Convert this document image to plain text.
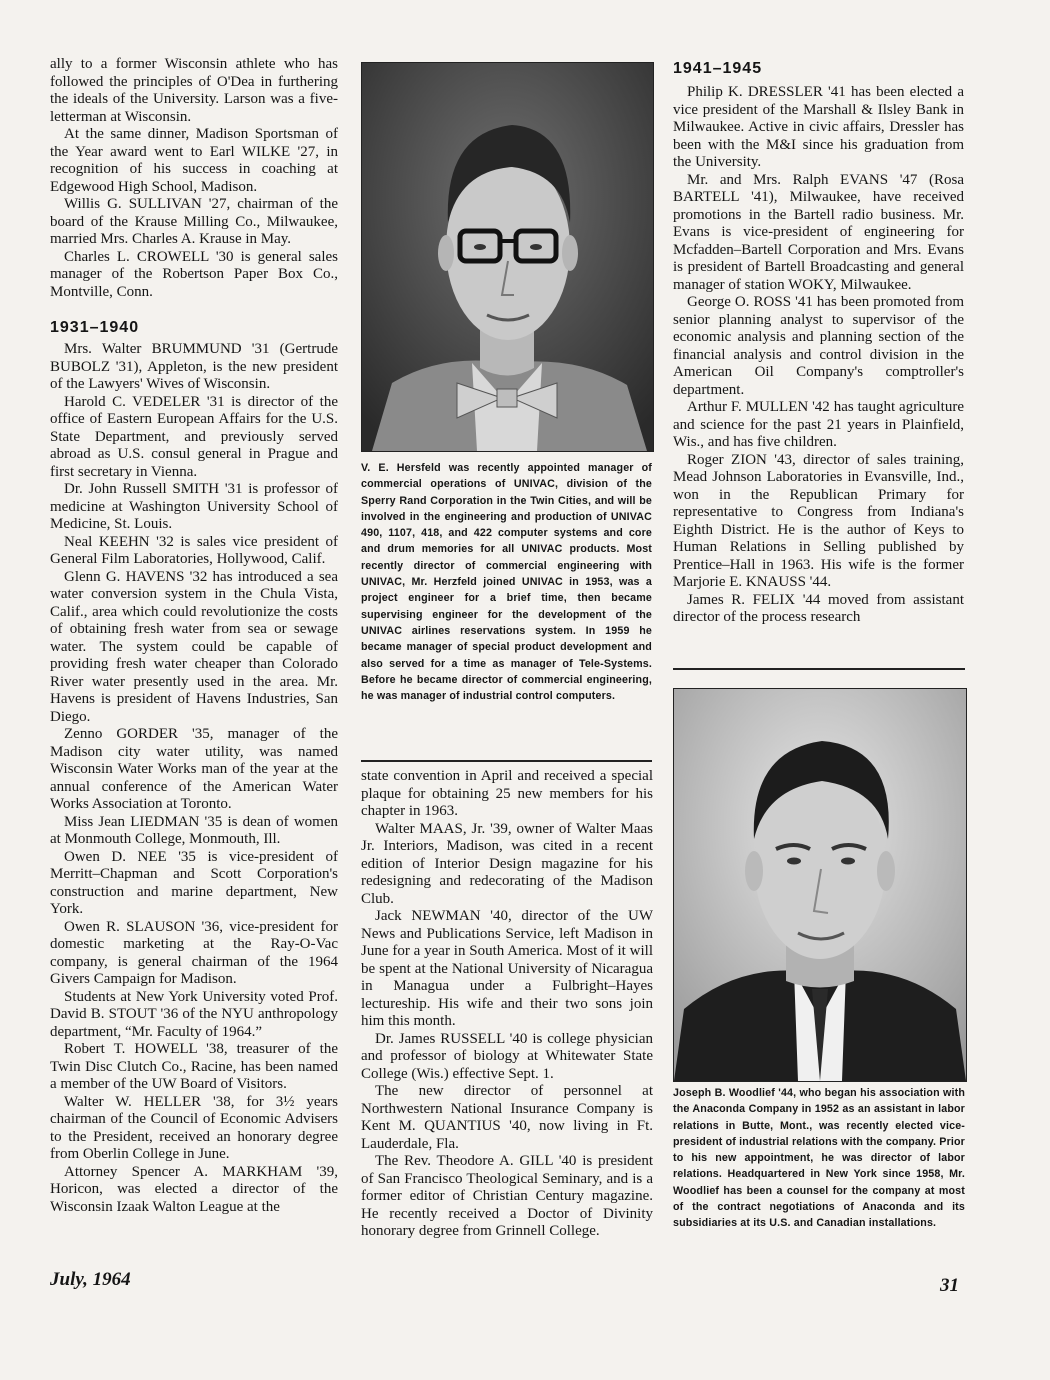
ally to a former Wisconsin athlete who has followed the principles of O'Dea in furthering the ideals of the University. Larson was a five-letterman at Wisconsin.

At the same dinner, Madison Sportsman of the Year award went to Earl WILKE '27, in recognition of his success in coaching at Edgewood High School, Madison.

Willis G. SULLIVAN '27, chairman of the board of the Krause Milling Co., Milwaukee, married Mrs. Charles A. Krause in May.

Charles L. CROWELL '30 is general sales manager of the Robertson Paper Box Co., Montville, Conn.

1931–1940

Mrs. Walter BRUMMUND '31 (Gertrude BUBOLZ '31), Appleton, is the new president of the Lawyers' Wives of Wisconsin.

Harold C. VEDELER '31 is director of the office of Eastern European Affairs for the U.S. State Department, and previously served abroad as U.S. consul general in Prague and first secretary in Vienna.

Dr. John Russell SMITH '31 is professor of medicine at Washington University School of Medicine, St. Louis.

Neal KEEHN '32 is sales vice president of General Film Laboratories, Hollywood, Calif.

Glenn G. HAVENS '32 has introduced a sea water conversion system in the Chula Vista, Calif., area which could revolutionize the costs of obtaining fresh water from sea or sewage water. The system could be capable of providing fresh water cheaper than Colorado River water presently used in the area. Mr. Havens is president of Havens Industries, San Diego.

Zenno GORDER '35, manager of the Madison city water utility, was named Wisconsin Water Works man of the year at the annual conference of the American Water Works Association at Toronto.

Miss Jean LIEDMAN '35 is dean of women at Monmouth College, Monmouth, Ill.

Owen D. NEE '35 is vice-president of Merritt–Chapman and Scott Corporation's construction and marine department, New York.

Owen R. SLAUSON '36, vice-president for domestic marketing at the Ray-O-Vac company, is general chairman of the 1964 Givers Campaign for Madison.

Students at New York University voted Prof. David B. STOUT '36 of the NYU anthropology department, “Mr. Faculty of 1964.”

Robert T. HOWELL '38, treasurer of the Twin Disc Clutch Co., Racine, has been named a member of the UW Board of Visitors.

Walter W. HELLER '38, for 3½ years chairman of the Council of Economic Advisers to the President, received an honorary degree from Oberlin College in June.

Attorney Spencer A. MARKHAM '39, Horicon, was elected a director of the Wisconsin Izaak Walton League at the

V. E. Hersfeld was recently appointed manager of commercial operations of UNIVAC, division of the Sperry Rand Corporation in the Twin Cities, and will be involved in the engineering and production of UNIVAC 490, 1107, 418, and 422 computer systems and core and drum memories for all UNIVAC products. Most recently director of commercial engineering with UNIVAC, Mr. Herzfeld joined UNIVAC in 1953, was a project engineer for a brief time, then became supervising engineer for the development of the UNIVAC airlines reservations system. In 1959 he became manager of special product development and also served for a time as manager of Tele-Systems. Before he became director of commercial engineering, he was manager of industrial control computers.

state convention in April and received a special plaque for obtaining 25 new members for his chapter in 1963.

Walter MAAS, Jr. '39, owner of Walter Maas Jr. Interiors, Madison, was cited in a recent edition of Interior Design magazine for his redesigning and redecorating of the Madison Club.

Jack NEWMAN '40, director of the UW News and Publications Service, left Madison in June for a year in South America. Most of it will be spent at the National University of Nicaragua in Managua under a Fulbright–Hayes lectureship. His wife and their two sons join him this month.

Dr. James RUSSELL '40 is college physician and professor of biology at Whitewater State College (Wis.) effective Sept. 1.

The new director of personnel at Northwestern National Insurance Company is Kent M. QUANTIUS '40, now living in Ft. Lauderdale, Fla.

The Rev. Theodore A. GILL '40 is president of San Francisco Theological Seminary, and is a former editor of Christian Century magazine. He recently received a Doctor of Divinity honorary degree from Grinnell College.

1941–1945

Philip K. DRESSLER '41 has been elected a vice president of the Marshall & Ilsley Bank in Milwaukee. Active in civic affairs, Dressler has been with the M&I since his graduation from the University.

Mr. and Mrs. Ralph EVANS '47 (Rosa BARTELL '41), Milwaukee, have received promotions in the Bartell radio business. Mr. Evans is vice-president of engineering for Mcfadden–Bartell Corporation and Mrs. Evans is president of Bartell Broadcasting and general manager of station WOKY, Milwaukee.

George O. ROSS '41 has been promoted from senior planning analyst to supervisor of the economic analysis and planning section of the financial analysis and control division in the American Oil Company's comptroller's department.

Arthur F. MULLEN '42 has taught agriculture and science for the past 21 years in Plainfield, Wis., and has five children.

Roger ZION '43, director of sales training, Mead Johnson Laboratories in Evansville, Ind., won in the Republican Primary for representative to Congress from Indiana's Eighth District. He is the author of Keys to Human Relations in Selling published by Prentice–Hall in 1963. His wife is the former Marjorie E. KNAUSS '44.

James R. FELIX '44 moved from assistant director of the process research

Joseph B. Woodlief '44, who began his association with the Anaconda Company in 1952 as an assistant in labor relations in Butte, Mont., was recently elected vice-president of industrial relations with the company. Prior to his new appointment, he was director of labor relations. Headquartered in New York since 1958, Mr. Woodlief has been a counsel for the company at most of the contract negotiations of Anaconda and its subsidiaries at its U.S. and Canadian installations.

July, 1964	31
